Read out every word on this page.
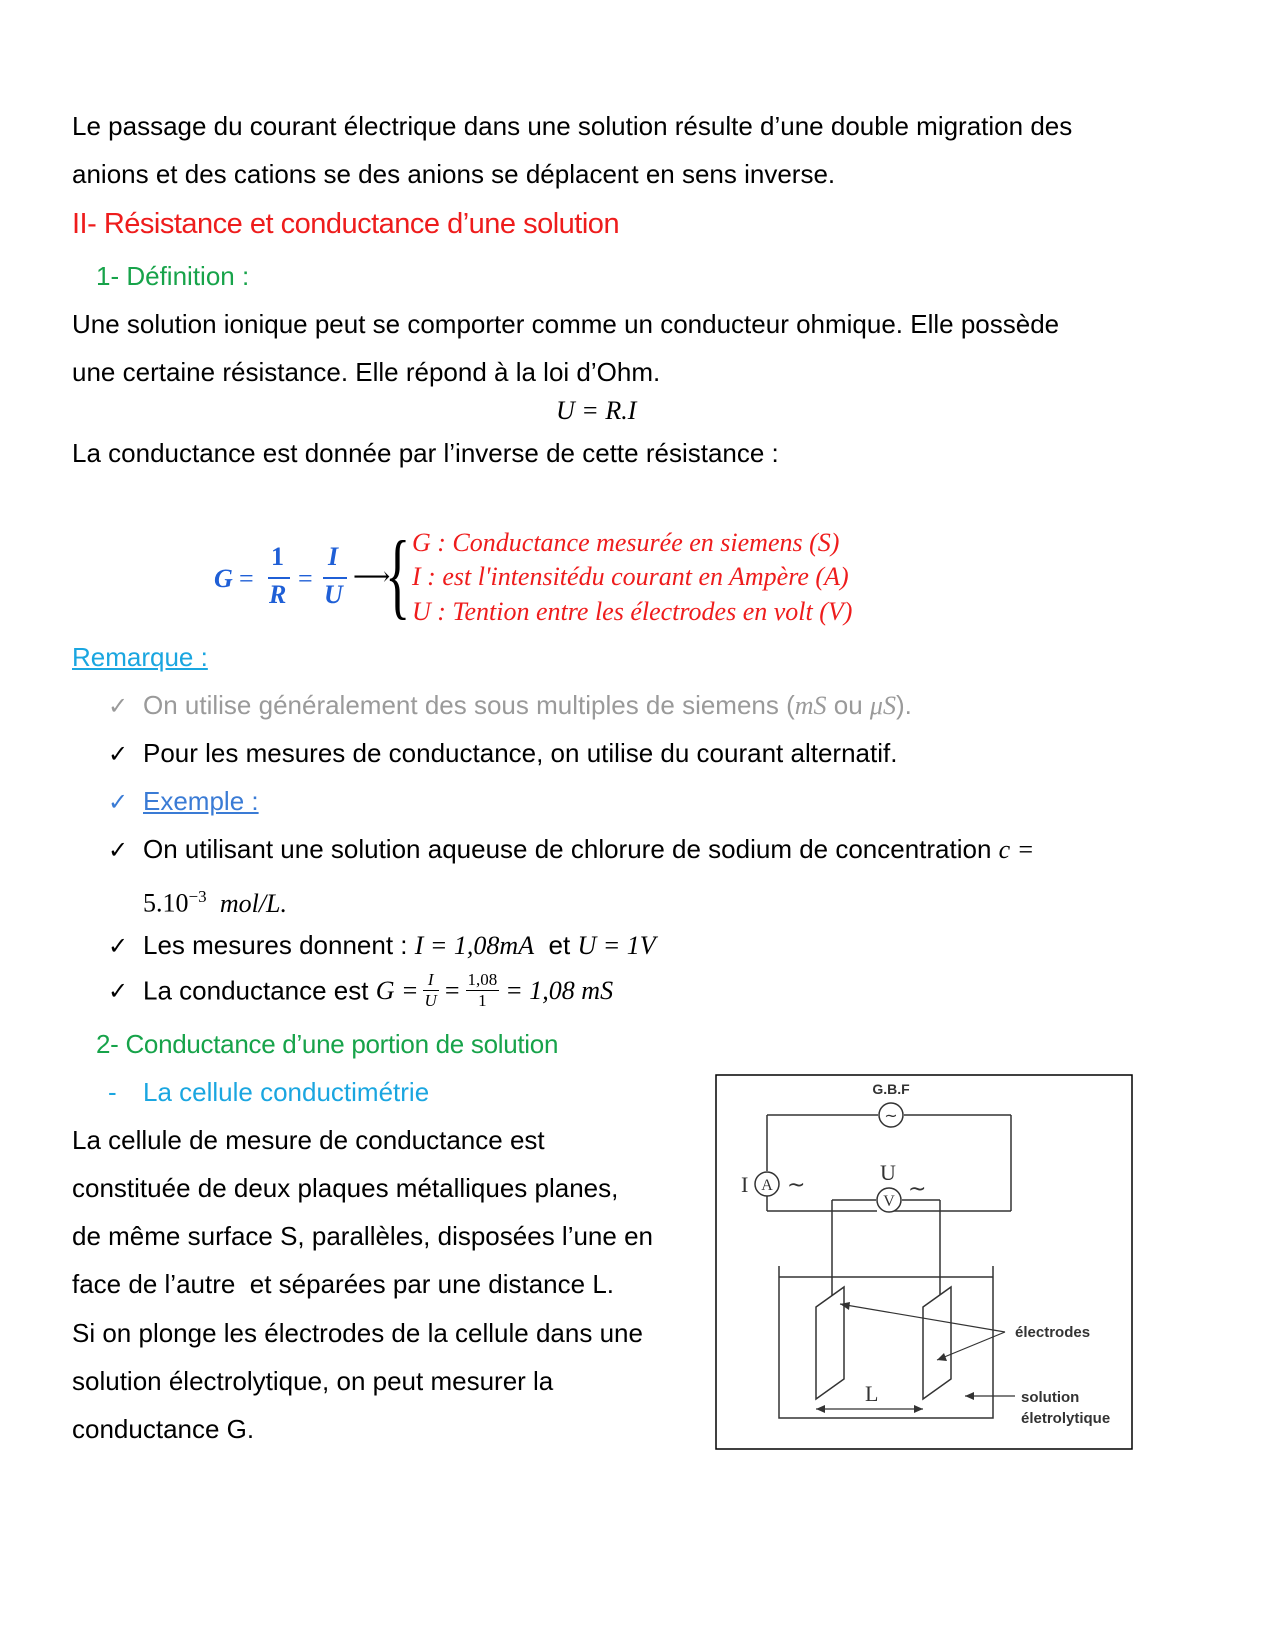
Le passage du courant électrique dans une solution résulte d’une double migration des
anions et des cations se des anions se déplacent en sens inverse.
II- Résistance et conductance d’une solution
1- Définition :
Une solution ionique peut se comporter comme un conducteur ohmique. Elle possède
une certaine résistance. Elle répond à la loi d’Ohm.
U = R.I
La conductance est donnée par l’inverse de cette résistance :
G =
1
R
=
I
U
⟶
{ G : Conductance mesurée en siemens (S)
I : est l'intensitédu courant en Ampère (A)
U : Tention entre les électrodes en volt (V)
Remarque :
✓ On utilise généralement des sous multiples de siemens (mS ou μS).
✓ Pour les mesures de conductance, on utilise du courant alternatif.
✓ Exemple :
✓ On utilisant une solution aqueuse de chlorure de sodium de concentration c =
$5.10^{-3}$ mol/L.
✓ Les mesures donnent : I = 1,08mA  et U = 1V
✓ La conductance est $G = \frac{I}{U} = \frac{1,08}{1} = 1,08$ mS
2- Conductance d’une portion de solution
- La cellule conductimétrie
La cellule de mesure de conductance est
constituée de deux plaques métalliques planes,
de même surface S, parallèles, disposées l’une en
face de l’autre  et séparées par une distance L.
Si on plonge les électrodes de la cellule dans une
solution électrolytique, on peut mesurer la
conductance G.
~
G.B.F
I A ~
U
V ~
L
électrodes
solution
életrolytique
